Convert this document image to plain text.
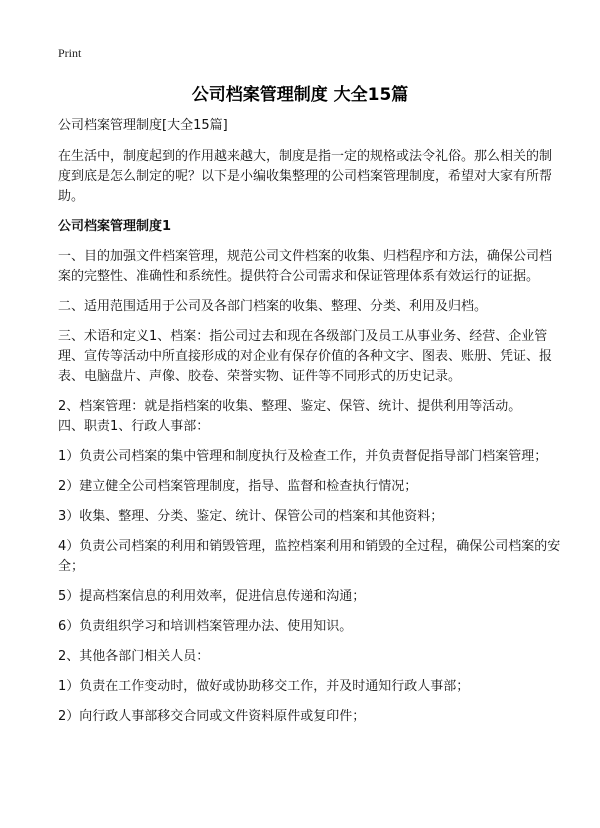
Print
公司档案管理制度 大全15篇

公司档案管理制度[大全15篇]

在生活中，制度起到的作用越来越大，制度是指一定的规格或法令礼俗。那么相关的制度到底是怎么制定的呢？以下是小编收集整理的公司档案管理制度，希望对大家有所帮助。

公司档案管理制度1

一、目的加强文件档案管理，规范公司文件档案的收集、归档程序和方法，确保公司档案的完整性、准确性和系统性。提供符合公司需求和保证管理体系有效运行的证据。

二、适用范围适用于公司及各部门档案的收集、整理、分类、利用及归档。

三、术语和定义1、档案：指公司过去和现在各级部门及员工从事业务、经营、企业管理、宣传等活动中所直接形成的对企业有保存价值的各种文字、图表、账册、凭证、报表、电脑盘片、声像、胶卷、荣誉实物、证件等不同形式的历史记录。

2、档案管理：就是指档案的收集、整理、鉴定、保管、统计、提供利用等活动。

四、职责1、行政人事部：

1）负责公司档案的集中管理和制度执行及检查工作，并负责督促指导部门档案管理；

2）建立健全公司档案管理制度，指导、监督和检查执行情况；

3）收集、整理、分类、鉴定、统计、保管公司的档案和其他资料；

4）负责公司档案的利用和销毁管理，监控档案利用和销毁的全过程，确保公司档案的安全；

5）提高档案信息的利用效率，促进信息传递和沟通；

6）负责组织学习和培训档案管理办法、使用知识。

2、其他各部门相关人员：

1）负责在工作变动时，做好或协助移交工作，并及时通知行政人事部；

2）向行政人事部移交合同或文件资料原件或复印件；
